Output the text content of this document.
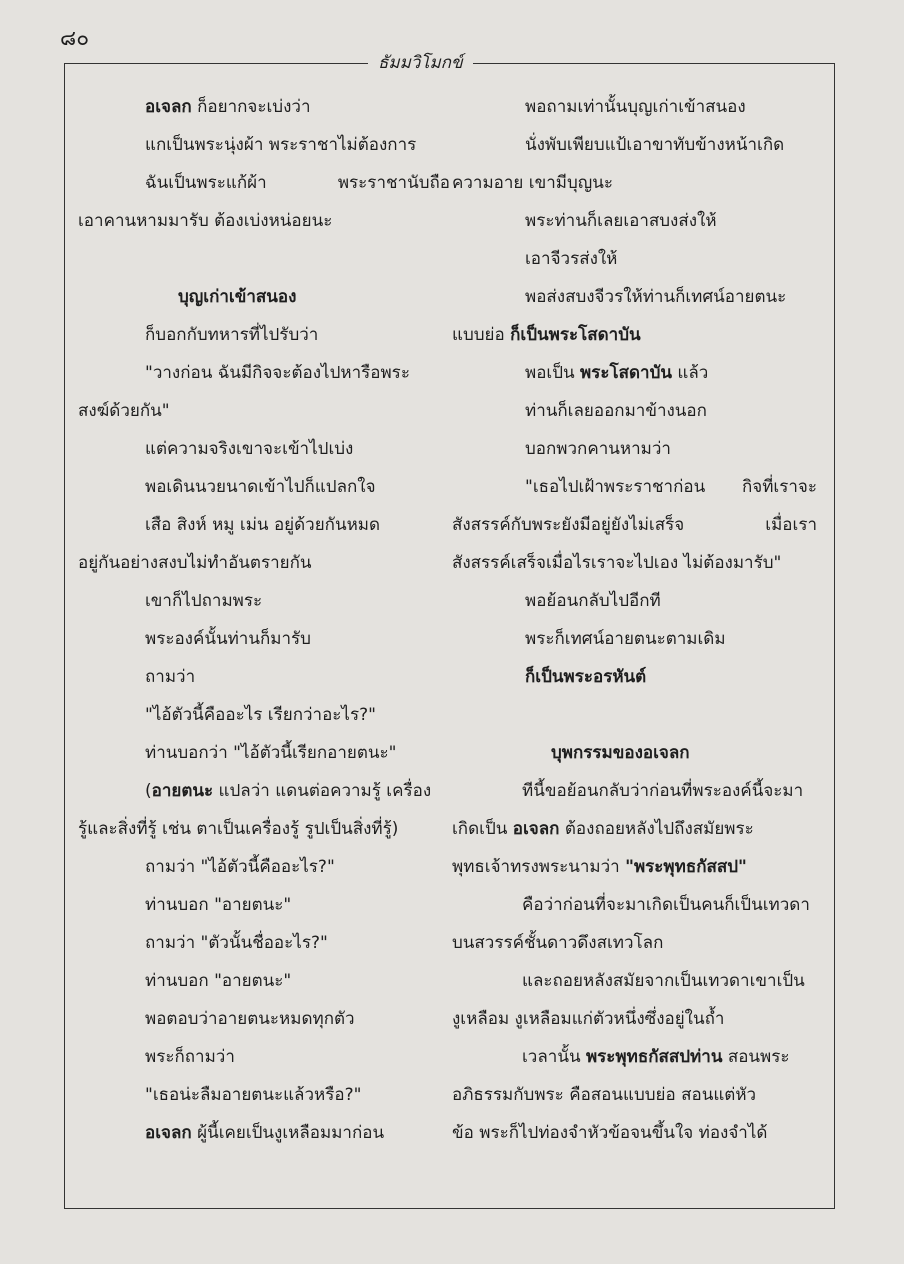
๘๐
ธัมมวิโมกข์
อเจลก ก็อยากจะเบ่งว่า
แกเป็นพระนุ่งผ้า พระราชาไม่ต้องการ
ฉันเป็นพระแก้ผ้า	พระราชานับถือ
เอาคานหามมารับ ต้องเบ่งหน่อยนะ
บุญเก่าเข้าสนอง
ก็บอกกับทหารที่ไปรับว่า
"วางก่อน ฉันมีกิจจะต้องไปหารือพระ
สงฆ์ด้วยกัน"
แต่ความจริงเขาจะเข้าไปเบ่ง
พอเดินนวยนาดเข้าไปก็แปลกใจ
เสือ สิงห์ หมู เม่น อยู่ด้วยกันหมด
อยู่กันอย่างสงบไม่ทำอันตรายกัน
เขาก็ไปถามพระ
พระองค์นั้นท่านก็มารับ
ถามว่า
"ไอ้ตัวนี้คืออะไร เรียกว่าอะไร?"
ท่านบอกว่า "ไอ้ตัวนี้เรียกอายตนะ"
(อายตนะ แปลว่า แดนต่อความรู้ เครื่อง
รู้และสิ่งที่รู้ เช่น ตาเป็นเครื่องรู้ รูปเป็นสิ่งที่รู้)
ถามว่า "ไอ้ตัวนี้คืออะไร?"
ท่านบอก "อายตนะ"
ถามว่า "ตัวนั้นชื่ออะไร?"
ท่านบอก "อายตนะ"
พอตอบว่าอายตนะหมดทุกตัว
พระก็ถามว่า
"เธอน่ะลืมอายตนะแล้วหรือ?"
อเจลก ผู้นี้เคยเป็นงูเหลือมมาก่อน
พอถามเท่านั้นบุญเก่าเข้าสนอง
นั่งพับเพียบแป้เอาขาทับข้างหน้าเกิด
ความอาย เขามีบุญนะ
พระท่านก็เลยเอาสบงส่งให้
เอาจีวรส่งให้
พอส่งสบงจีวรให้ท่านก็เทศน์อายตนะ
แบบย่อ ก็เป็นพระโสดาบัน
พอเป็น พระโสดาบัน แล้ว
ท่านก็เลยออกมาข้างนอก
บอกพวกคานหามว่า
"เธอไปเฝ้าพระราชาก่อน กิจที่เราจะ
สังสรรค์กับพระยังมีอยู่ยังไม่เสร็จ	เมื่อเรา
สังสรรค์เสร็จเมื่อไรเราจะไปเอง ไม่ต้องมารับ"
พอย้อนกลับไปอีกที
พระก็เทศน์อายตนะตามเดิม
ก็เป็นพระอรหันต์
บุพกรรมของอเจลก
ทีนี้ขอย้อนกลับว่าก่อนที่พระองค์นี้จะมา
เกิดเป็น อเจลก ต้องถอยหลังไปถึงสมัยพระ
พุทธเจ้าทรงพระนามว่า "พระพุทธกัสสป"
คือว่าก่อนที่จะมาเกิดเป็นคนก็เป็นเทวดา
บนสวรรค์ชั้นดาวดึงสเทวโลก
และถอยหลังสมัยจากเป็นเทวดาเขาเป็น
งูเหลือม งูเหลือมแก่ตัวหนึ่งซึ่งอยู่ในถ้ำ
เวลานั้น พระพุทธกัสสปท่าน สอนพระ
อภิธรรมกับพระ คือสอนแบบย่อ สอนแต่หัว
ข้อ พระก็ไปท่องจำหัวข้อจนขึ้นใจ ท่องจำได้
